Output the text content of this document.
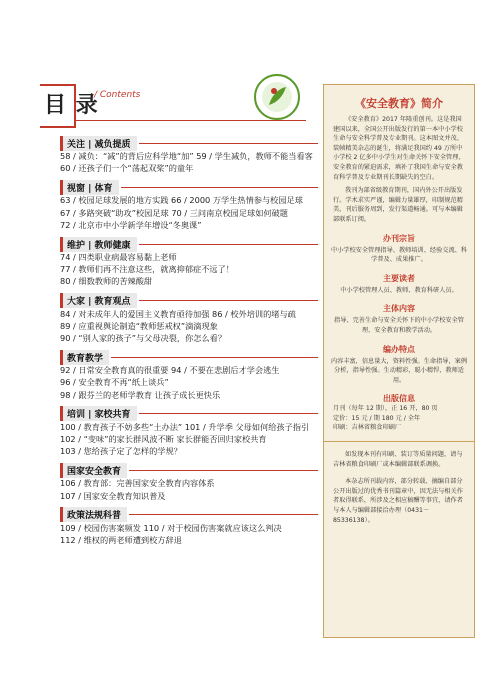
目 录
/ Contents
关注 | 减负提质
58 / 减负：“减”的背后应科学地“加” 59 / 学生减负，教师不能当看客
60 / 还孩子们一个“荡起双桨”的童年
视窗 | 体育
63 / 校园足球发展的地方实践 66 / 2000 万学生热情参与校园足球
67 / 多路突破“助攻”校园足球 70 / 三问南京校园足球如何破题
72 / 北京市中小学新学年增设“冬奥课”
维护 | 教师健康
74 / 四类职业病最容易黏上老师
77 / 教师们再不注意这些，就离抑郁症不远了！
80 / 细数教师的苦辣酸甜
大家 | 教育观点
84 / 对未成年人的爱国主义教育亟待加强 86 / 校外培训的堵与疏
89 / 应重视舆论制造“教师惩戒权”滴滴现象
90 / “别人家的孩子”与父母决裂，你怎么看？
教育教学
92 / 日常安全教育真的很重要 94 / 不要在悲剧后才学会逃生
96 / 安全教育不再“纸上谈兵”
98 / 跟芬兰的老师学教育 让孩子成长更快乐
培训 | 家校共育
100 / 教育孩子不妨多些“土办法” 101 / 升学季 父母如何给孩子指引
102 / “变味”的家长群风波不断 家长群能否回归家校共育
103 / 您给孩子定了怎样的学规？
国家安全教育
106 / 教育部：完善国家安全教育内容体系
107 / 国家安全教育知识普及
政策法规科普
109 / 校园伤害案频发 110 / 对于校园伤害案就应该这么判决
112 / 维权的两老师遭到校方辞退
《安全教育》简介

《安全教育》2017 年隆重创刊。这是我国建国以来，全国公开出版发行的第一本中小学校生命与安全科学普及专业期刊。这本图文并茂、装帧精美杂志的诞生，将满足我国约 49 万所中小学校 2 亿多中小学生对生命关怀下安全管理、安全教育的紧迫需求，填补了我国生命与安全教育科学普及专业期刊长期缺失的空白。

我刊为部省级教育期刊，国内外公开出版发行。学术求实严谨，编辑力量雄厚，印制规范精美，刊后服务周到，发行渠道畅通。可与本编辑部联系订阅。

办刊宗旨
中小学校安全管理指导、教师培训、经验交流、科学普及、成果推广。
主要读者
中小学校管理人员、教师、教育科研人员。
主体内容
指导、完善生命与安全关怀下的中小学校安全管理、安全教育和教学活动。
编办特点
内容丰富，信息量大，资料性强。生命指导，案例分析，指导性强。生动精彩，聪小精悍，教师适用。
出版信息
月刊（每年 12 期），正 16 开，80 页
定价：15 元 / 期 180 元 / 全年
印刷：吉林省粮食印刷厂

如发现本刊有印刷、装订等质量问题，请与吉林省粮食印刷厂或本编辑部联系调换。

本杂志所刊载内容，部分转载、摘编自部分公开出版过的优秀书刊篇章中，因无法与相关作者取得联系，所涉及之相应稿酬等事宜，请作者与本人与编辑部接洽办理（0431－85336138）。
